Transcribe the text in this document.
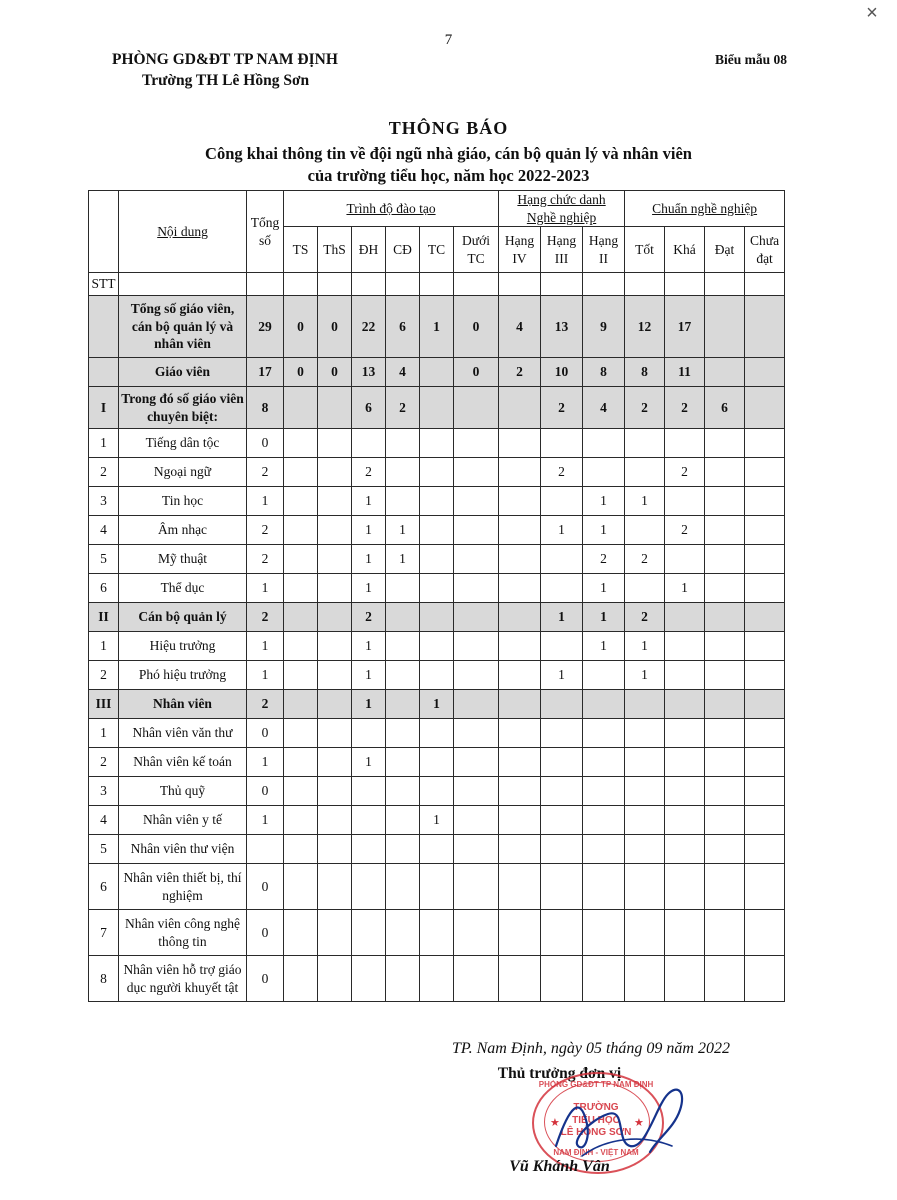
×
7
PHÒNG GD&ĐT TP NAM ĐỊNH
Trường TH Lê Hồng Sơn
Biểu mẫu 08
THÔNG BÁO
Công khai thông tin về đội ngũ nhà giáo, cán bộ quản lý và nhân viên
của trường tiểu học, năm học 2022-2023
	Nội dung	Tổng số	Trình độ đào tạo						Hạng chức danh
Nghề nghiệp			Chuẩn nghề nghiệp			
			TS	ThS	ĐH	CĐ	TC	Dưới TC	Hạng IV	Hạng III	Hạng II	Tốt	Khá	Đạt	Chưa đạt
STT															
	Tổng số giáo viên, cán bộ quản lý và nhân viên	29	0	0	22	6	1	0	4	13	9	12	17		
	Giáo viên	17	0	0	13	4		0	2	10	8	8	11		
I	Trong đó số giáo viên chuyên biệt:	8			6	2				2	4	2	2	6	
1	Tiếng dân tộc	0													
2	Ngoại ngữ	2			2					2			2		
3	Tin học	1			1						1	1			
4	Âm nhạc	2			1	1				1	1		2		
5	Mỹ thuật	2			1	1					2	2			
6	Thể dục	1			1						1		1		
II	Cán bộ quản lý	2			2					1	1	2			
1	Hiệu trưởng	1			1						1	1			
2	Phó hiệu trưởng	1			1					1		1			
III	Nhân viên	2			1		1								
1	Nhân viên văn thư	0													
2	Nhân viên kế toán	1			1										
3	Thủ quỹ	0													
4	Nhân viên y tế	1					1								
5	Nhân viên thư viện														
6	Nhân viên thiết bị, thí nghiệm	0													
7	Nhân viên công nghệ thông tin	0													
8	Nhân viên hỗ trợ giáo dục người khuyết tật	0													
TP. Nam Định, ngày 05 tháng 09 năm 2022
Thủ trưởng đơn vị
PHÒNG GD&ĐT TP NAM ĐỊNH
★	★
TRƯỜNG
TIỂU HỌC
LÊ HỒNG SƠN
NAM ĐỊNH - VIỆT NAM
Vũ Khánh Vân
